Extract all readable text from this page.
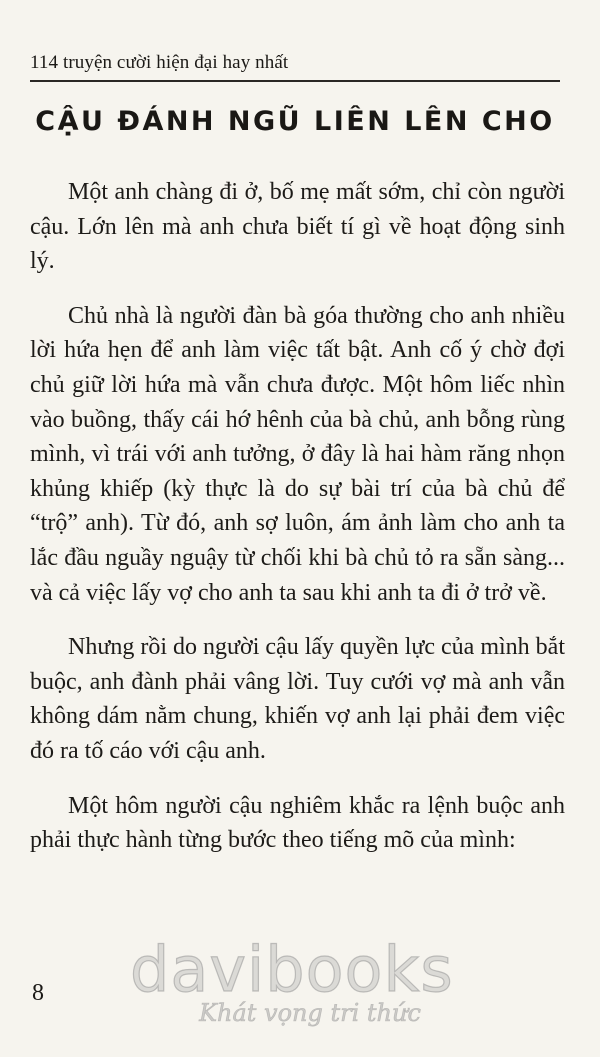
114 truyện cười hiện đại hay nhất
CẬU ĐÁNH NGŨ LIÊN LÊN CHO

Một anh chàng đi ở, bố mẹ mất sớm, chỉ còn người cậu. Lớn lên mà anh chưa biết tí gì về hoạt động sinh lý.

Chủ nhà là người đàn bà góa thường cho anh nhiều lời hứa hẹn để anh làm việc tất bật. Anh cố ý chờ đợi chủ giữ lời hứa mà vẫn chưa được. Một hôm liếc nhìn vào buồng, thấy cái hớ hênh của bà chủ, anh bỗng rùng mình, vì trái với anh tưởng, ở đây là hai hàm răng nhọn khủng khiếp (kỳ thực là do sự bài trí của bà chủ để “trộ” anh). Từ đó, anh sợ luôn, ám ảnh làm cho anh ta lắc đầu nguầy nguậy từ chối khi bà chủ tỏ ra sẵn sàng... và cả việc lấy vợ cho anh ta sau khi anh ta đi ở trở về.

Nhưng rồi do người cậu lấy quyền lực của mình bắt buộc, anh đành phải vâng lời. Tuy cưới vợ mà anh vẫn không dám nằm chung, khiến vợ anh lại phải đem việc đó ra tố cáo với cậu anh.

Một hôm người cậu nghiêm khắc ra lệnh buộc anh phải thực hành từng bước theo tiếng mõ của mình:

davibooks
Khát vọng tri thức
8
